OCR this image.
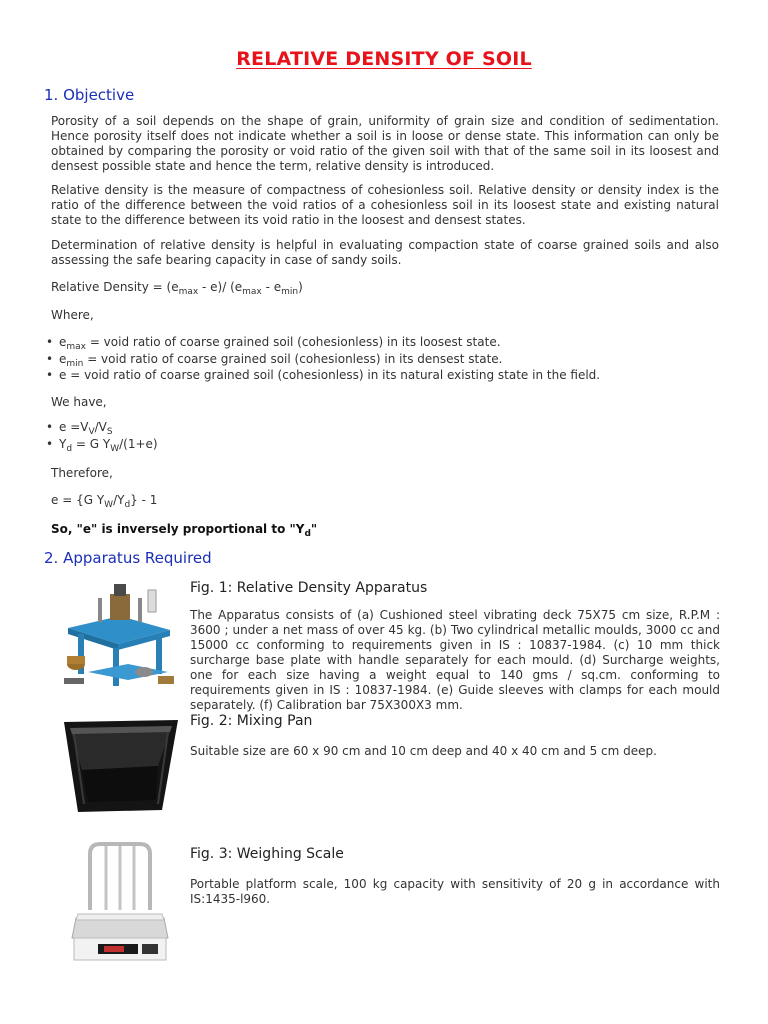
RELATIVE DENSITY OF SOIL
1. Objective
Porosity of a soil depends on the shape of grain, uniformity of grain size and condition of sedimentation. Hence porosity itself does not indicate whether a soil is in loose or dense state. This information can only be obtained by comparing the porosity or void ratio of the given soil with that of the same soil in its loosest and densest possible state and hence the term, relative density is introduced.
Relative density is the measure of compactness of cohesionless soil. Relative density or density index is the ratio of the difference between the void ratios of a cohesionless soil in its loosest state and existing natural state to the difference between its void ratio in the loosest and densest states.
Determination of relative density is helpful in evaluating compaction state of coarse grained soils and also assessing the safe bearing capacity in case of sandy soils.
Relative Density = $(e_{max} - e)/$ $(e_{max} - e_{min})$
Where,
• $e_{max}$ = void ratio of coarse grained soil (cohesionless) in its loosest state.
• $e_{min}$ = void ratio of coarse grained soil (cohesionless) in its densest state.
• e = void ratio of coarse grained soil (cohesionless) in its natural existing state in the field.
We have,
• $e =V_V/V_S$
• $Y_d = G$ $Y_W/(1+e)$
Therefore,
e = {G $Y_W/Y_d\} - 1$
So, "e" is inversely proportional to "$Y_d$"
2. Apparatus Required
Fig. 1: Relative Density Apparatus
The Apparatus consists of (a) Cushioned steel vibrating deck 75X75 cm size, R.P.M : 3600 ; under a net mass of over 45 kg. (b) Two cylindrical metallic moulds, 3000 cc and 15000 cc conforming to requirements given in IS : 10837-1984. (c) 10 mm thick surcharge base plate with handle separately for each mould. (d) Surcharge weights, one for each size having a weight equal to 140 gms / sq.cm. conforming to requirements given in IS : 10837-1984. (e) Guide sleeves with clamps for each mould separately. (f) Calibration bar 75X300X3 mm.
Fig. 2: Mixing Pan
Suitable size are 60 x 90 cm and 10 cm deep and 40 x 40 cm and 5 cm deep.
Fig. 3: Weighing Scale
Portable platform scale, 100 kg capacity with sensitivity of 20 g in accordance with IS:1435-l960.
